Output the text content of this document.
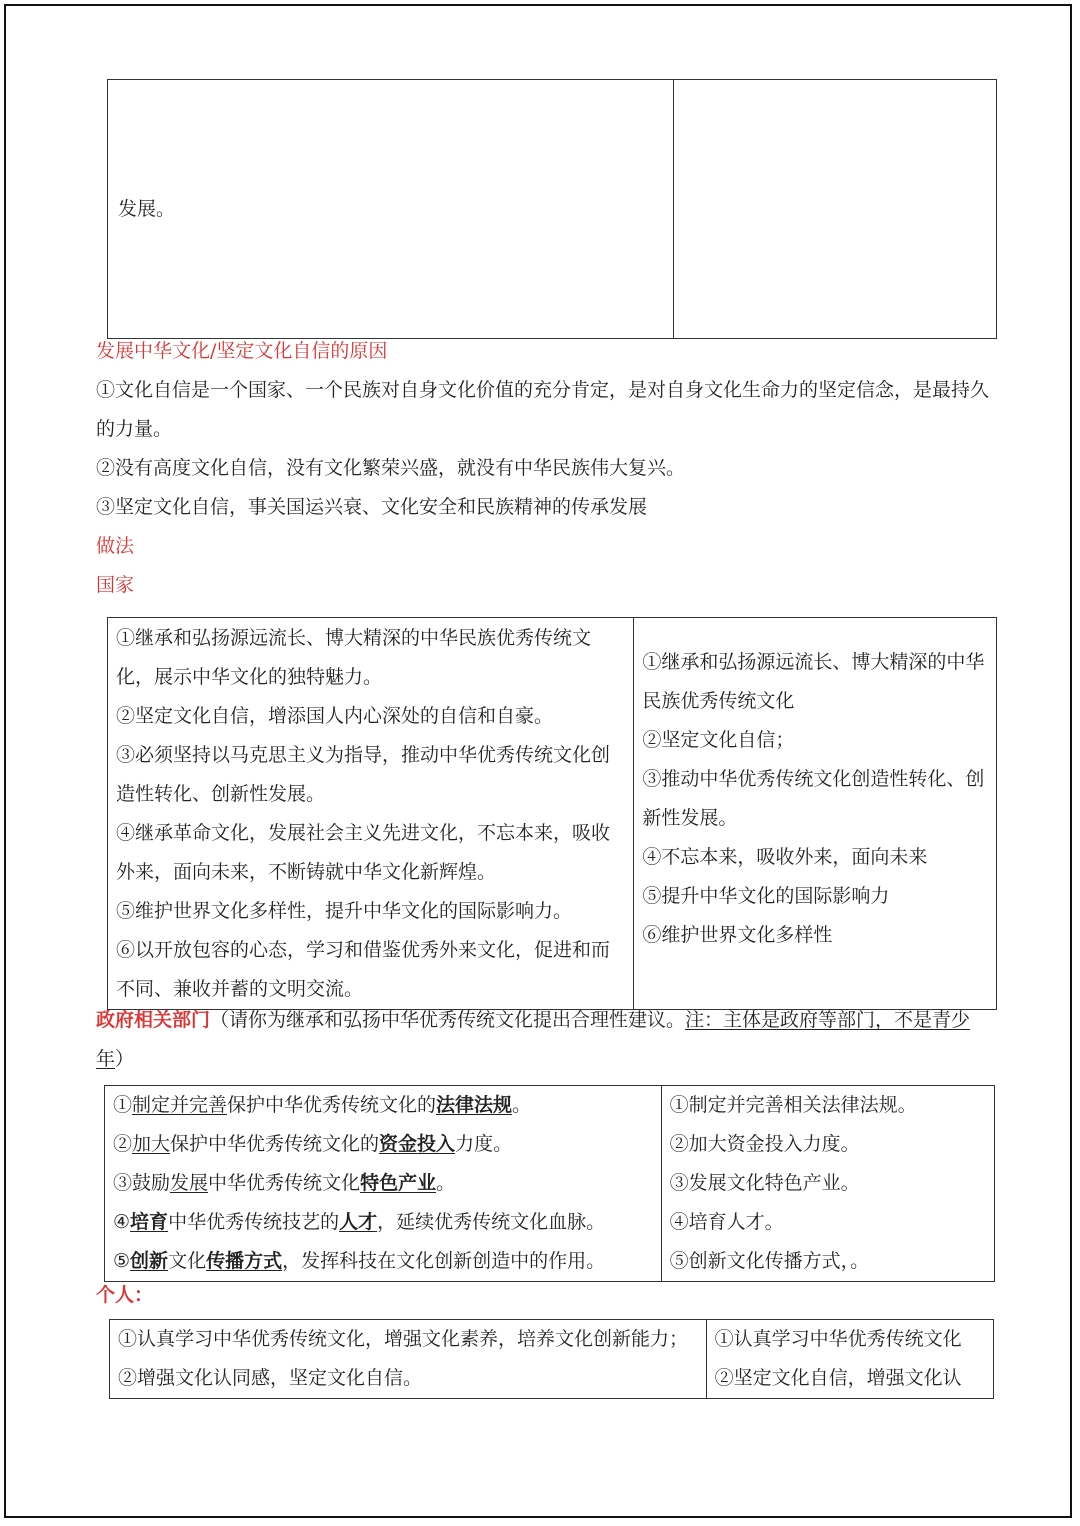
发展。

发展中华文化/坚定文化自信的原因
①文化自信是一个国家、一个民族对自身文化价值的充分肯定，是对自身文化生命力的坚定信念，是最持久的力量。
②没有高度文化自信，没有文化繁荣兴盛，就没有中华民族伟大复兴。
③坚定文化自信，事关国运兴衰、文化安全和民族精神的传承发展
做法
国家
①继承和弘扬源远流长、博大精深的中华民族优秀传统文化，展示中华文化的独特魅力。
②坚定文化自信，增添国人内心深处的自信和自豪。
③必须坚持以马克思主义为指导，推动中华优秀传统文化创造性转化、创新性发展。
④继承革命文化，发展社会主义先进文化，不忘本来，吸收外来，面向未来，不断铸就中华文化新辉煌。
⑤维护世界文化多样性，提升中华文化的国际影响力。
⑥以开放包容的心态，学习和借鉴优秀外来文化，促进和而不同、兼收并蓄的文明交流。

①继承和弘扬源远流长、博大精深的中华民族优秀传统文化
②坚定文化自信；
③推动中华优秀传统文化创造性转化、创新性发展。
④不忘本来，吸收外来，面向未来
⑤提升中华文化的国际影响力
⑥维护世界文化多样性
政府相关部门（请你为继承和弘扬中华优秀传统文化提出合理性建议。注：主体是政府等部门，不是青少年）
①制定并完善保护中华优秀传统文化的法律法规。
②加大保护中华优秀传统文化的资金投入力度。
③鼓励发展中华优秀传统文化特色产业。
④培育中华优秀传统技艺的人才，延续优秀传统文化血脉。
⑤创新文化传播方式，发挥科技在文化创新创造中的作用。

①制定并完善相关法律法规。
②加大资金投入力度。
③发展文化特色产业。
④培育人才。
⑤创新文化传播方式，。
个人：
①认真学习中华优秀传统文化，增强文化素养，培养文化创新能力；
②增强文化认同感，坚定文化自信。

①认真学习中华优秀传统文化
②坚定文化自信，增强文化认
